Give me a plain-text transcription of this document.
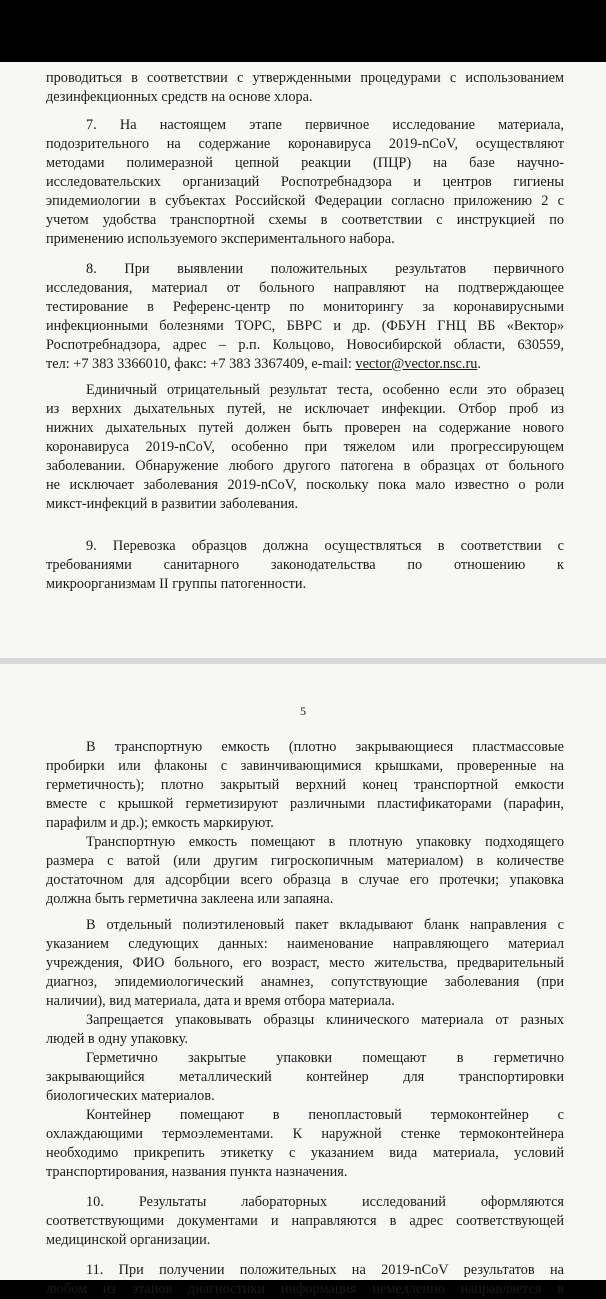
проводиться в соответствии с утвержденными процедурами с использованием
дезинфекционных средств на основе хлора.
7. На настоящем этапе первичное исследование материала,
подозрительного на содержание коронавируса 2019-nCoV, осуществляют
методами полимеразной цепной реакции (ПЦР) на базе научно-
исследовательских организаций Роспотребнадзора и центров гигиены
эпидемиологии в субъектах Российской Федерации согласно приложению 2 с
учетом удобства транспортной схемы в соответствии с инструкцией по
применению используемого экспериментального набора.
8. При выявлении положительных результатов первичного
исследования, материал от больного направляют на подтверждающее
тестирование в Референс-центр по мониторингу за коронавирусными
инфекционными болезнями ТОРС, БВРС и др. (ФБУН ГНЦ ВБ «Вектор»
Роспотребнадзора, адрес – р.п. Кольцово, Новосибирской области, 630559,
тел: +7 383 3366010, факс: +7 383 3367409, e-mail: vector@vector.nsc.ru.
Единичный отрицательный результат теста, особенно если это образец
из верхних дыхательных путей, не исключает инфекции. Отбор проб из
нижних дыхательных путей должен быть проверен на содержание нового
коронавируса 2019-nCoV, особенно при тяжелом или прогрессирующем
заболевании. Обнаружение любого другого патогена в образцах от больного
не исключает заболевания 2019-nCoV, поскольку пока мало известно о роли
микст-инфекций в развитии заболевания.
9. Перевозка образцов должна осуществляться в соответствии с
требованиями санитарного законодательства по отношению к
микроорганизмам II группы патогенности.
5
В транспортную емкость (плотно закрывающиеся пластмассовые
пробирки или флаконы с завинчивающимися крышками, проверенные на
герметичность); плотно закрытый верхний конец транспортной емкости
вместе с крышкой герметизируют различными пластификаторами (парафин,
парафилм и др.); емкость маркируют.
Транспортную емкость помещают в плотную упаковку подходящего
размера с ватой (или другим гигроскопичным материалом) в количестве
достаточном для адсорбции всего образца в случае его протечки; упаковка
должна быть герметична заклеена или запаяна.
В отдельный полиэтиленовый пакет вкладывают бланк направления с
указанием следующих данных: наименование направляющего материал
учреждения, ФИО больного, его возраст, место жительства, предварительный
диагноз, эпидемиологический анамнез, сопутствующие заболевания (при
наличии), вид материала, дата и время отбора материала.
Запрещается упаковывать образцы клинического материала от разных
людей в одну упаковку.
Герметично закрытые упаковки помещают в герметично
закрывающийся металлический контейнер для транспортировки
биологических материалов.
Контейнер помещают в пенопластовый термоконтейнер с
охлаждающими термоэлементами. К наружной стенке термоконтейнера
необходимо прикрепить этикетку с указанием вида материала, условий
транспортирования, названия пункта назначения.
10. Результаты лабораторных исследований оформляются
соответствующими документами и направляются в адрес соответствующей
медицинской организации.
11. При получении положительных на 2019-nCoV результатов на
любом из этапов диагностики информация немедленно направляется в
